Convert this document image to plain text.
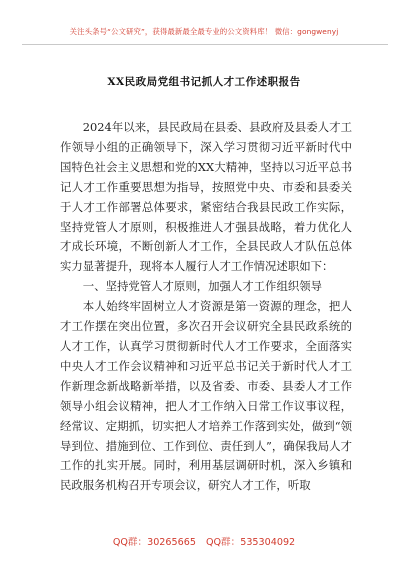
关注头条号“公文研究”，获得最新最全最专业的公文资料库！ 微信：gongwenyj
XX民政局党组书记抓人才工作述职报告

2024年以来，县民政局在县委、县政府及县委人才工作领导小组的正确领导下，深入学习贯彻习近平新时代中国特色社会主义思想和党的XX大精神，坚持以习近平总书记人才工作重要思想为指导，按照党中央、市委和县委关于人才工作部署总体要求，紧密结合我县民政工作实际，坚持党管人才原则，积极推进人才强县战略，着力优化人才成长环境，不断创新人才工作，全县民政人才队伍总体实力显著提升，现将本人履行人才工作情况述职如下：

一、坚持党管人才原则，加强人才工作组织领导

本人始终牢固树立人才资源是第一资源的理念，把人才工作摆在突出位置，多次召开会议研究全县民政系统的人才工作，认真学习贯彻新时代人才工作要求，全面落实中央人才工作会议精神和习近平总书记关于新时代人才工作新理念新战略新举措，以及省委、市委、县委人才工作领导小组会议精神，把人才工作纳入日常工作议事议程，经常议、定期抓，切实把人才培养工作落到实处，做到“领导到位、措施到位、工作到位、责任到人”，确保我局人才工作的扎实开展。同时，利用基层调研时机，深入乡镇和民政服务机构召开专项会议，研究人才工作，听取

QQ群：30265665 QQ群：535304092
